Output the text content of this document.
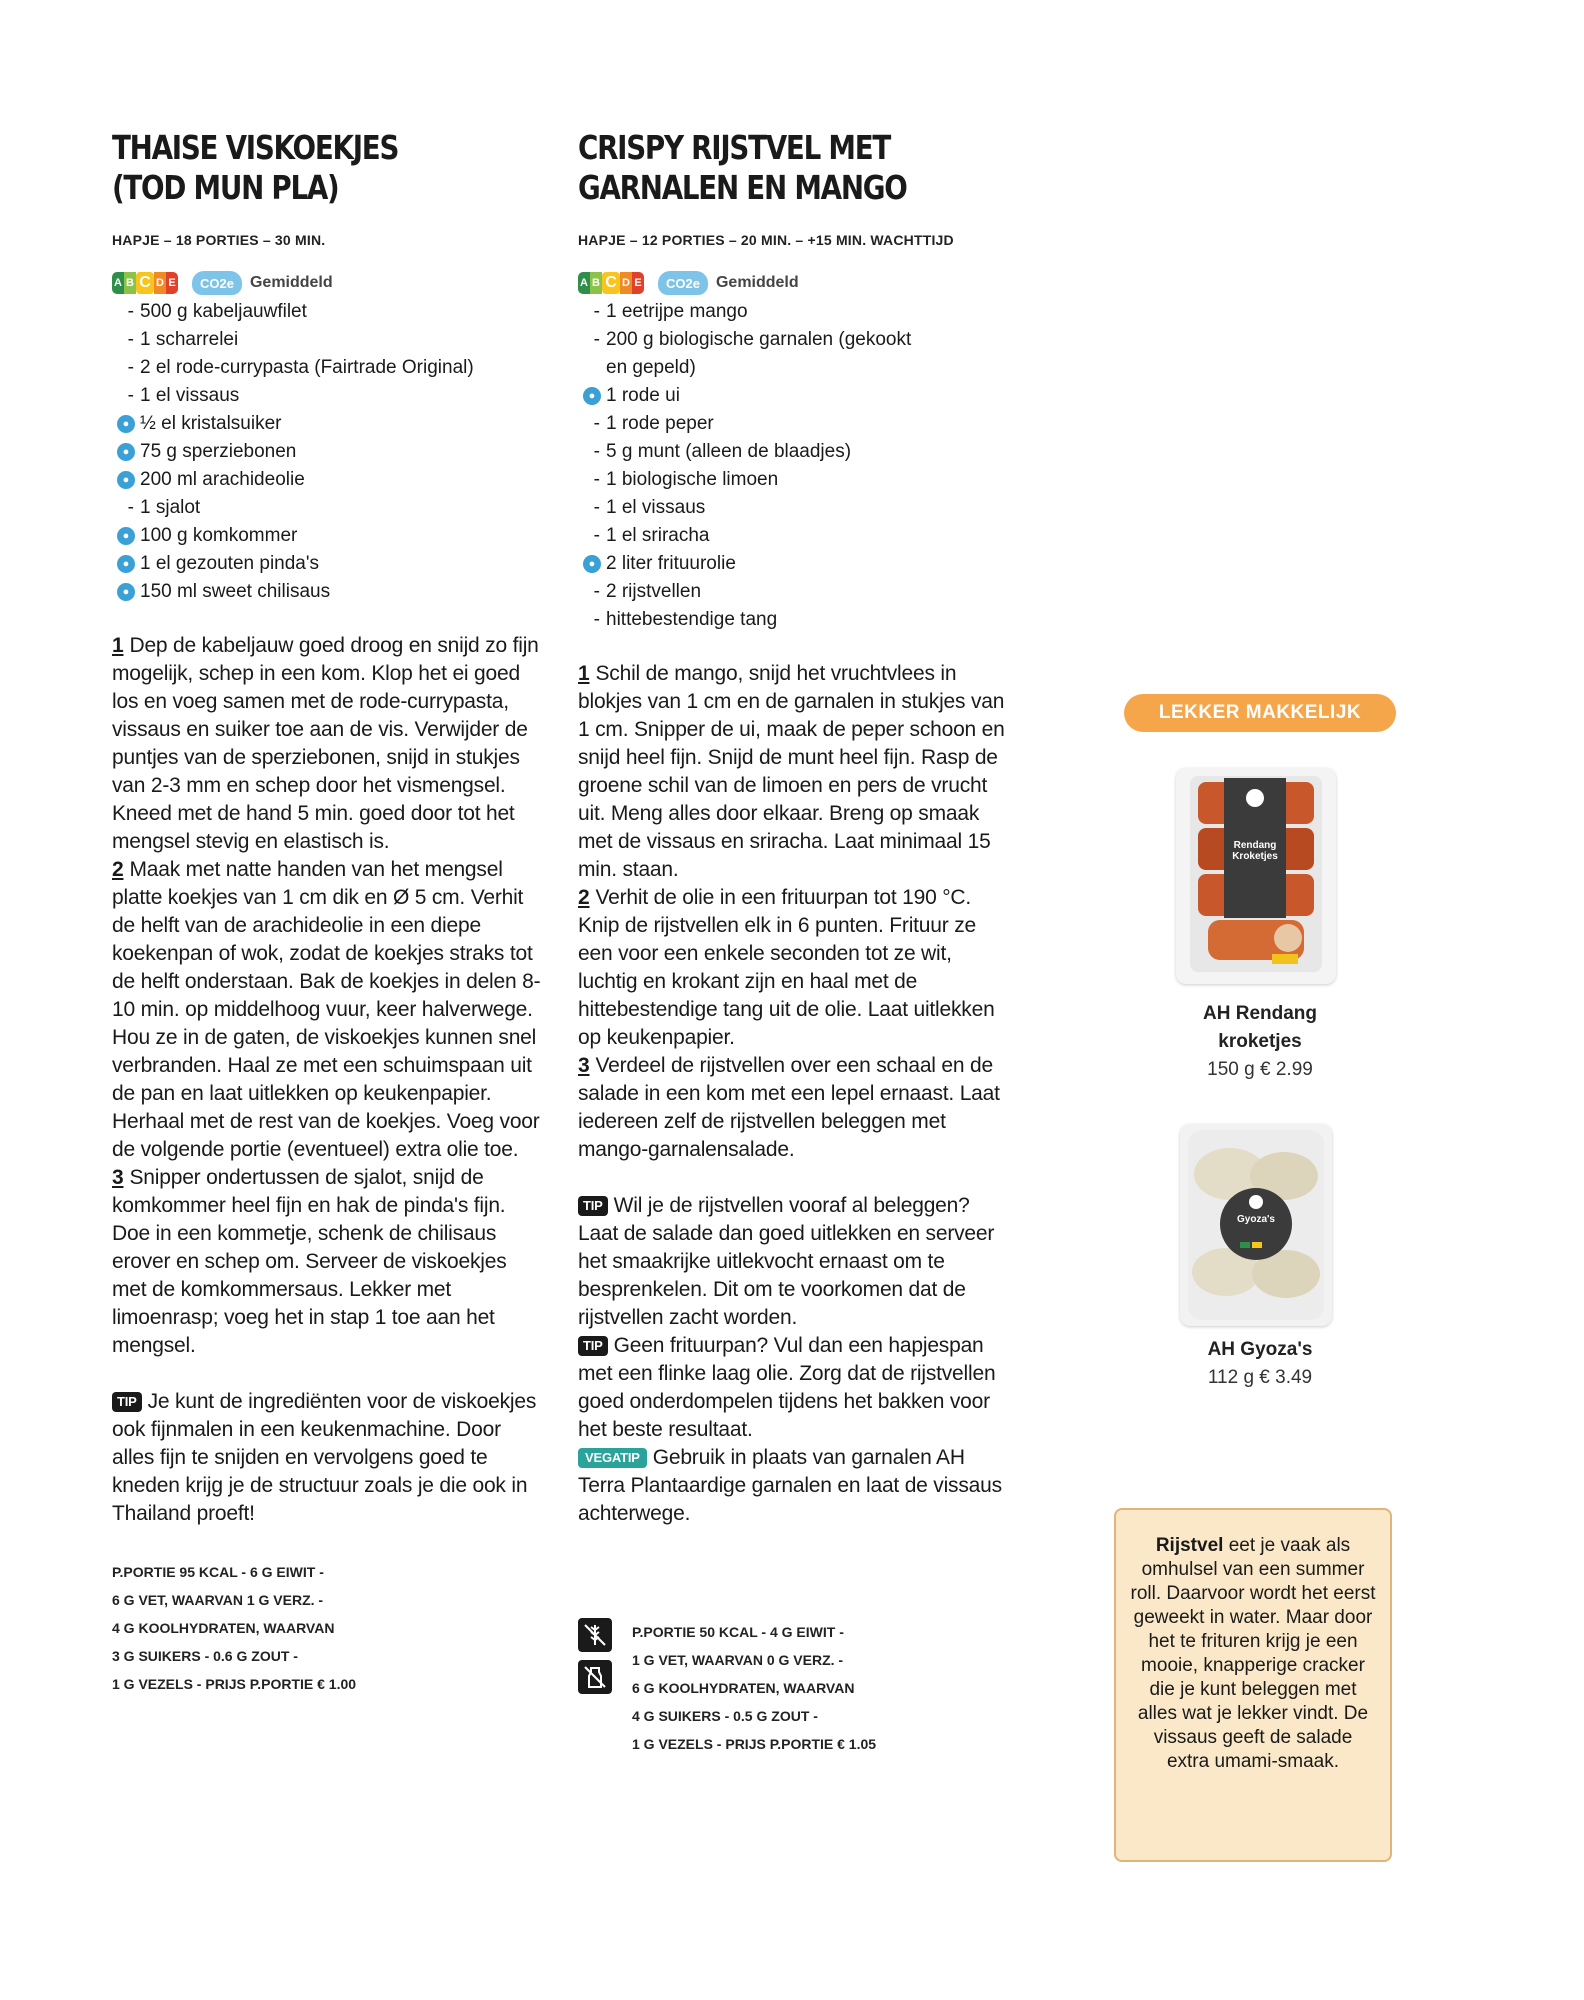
THAISE VISKOEKJES
(TOD MUN PLA)
HAPJE – 18 PORTIES – 30 MIN.
A B C D E	CO2e	Gemiddeld
- 500 g kabeljauwfilet
- 1 scharrelei
- 2 el rode-currypasta (Fairtrade Original)
- 1 el vissaus
● ½ el kristalsuiker
● 75 g sperziebonen
● 200 ml arachideolie
- 1 sjalot
● 100 g komkommer
● 1 el gezouten pinda's
● 150 ml sweet chilisaus

1 Dep de kabeljauw goed droog en snijd zo fijn mogelijk, schep in een kom. Klop het ei goed los en voeg samen met de rode-currypasta, vissaus en suiker toe aan de vis. Verwijder de puntjes van de sperziebonen, snijd in stukjes van 2-3 mm en schep door het vismengsel. Kneed met de hand 5 min. goed door tot het mengsel stevig en elastisch is.

2 Maak met natte handen van het mengsel platte koekjes van 1 cm dik en Ø 5 cm. Verhit de helft van de arachideolie in een diepe koekenpan of wok, zodat de koekjes straks tot de helft onderstaan. Bak de koekjes in delen 8-10 min. op middelhoog vuur, keer halverwege. Hou ze in de gaten, de viskoekjes kunnen snel verbranden. Haal ze met een schuimspaan uit de pan en laat uitlekken op keukenpapier. Herhaal met de rest van de koekjes. Voeg voor de volgende portie (eventueel) extra olie toe.

3 Snipper ondertussen de sjalot, snijd de komkommer heel fijn en hak de pinda's fijn. Doe in een kommetje, schenk de chilisaus erover en schep om. Serveer de viskoekjes met de komkommersaus. Lekker met limoenrasp; voeg het in stap 1 toe aan het mengsel.

TIP Je kunt de ingrediënten voor de viskoekjes ook fijnmalen in een keukenmachine. Door alles fijn te snijden en vervolgens goed te kneden krijg je de structuur zoals je die ook in Thailand proeft!

P.PORTIE 95 KCAL - 6 G EIWIT -
6 G VET, WAARVAN 1 G VERZ. -
4 G KOOLHYDRATEN, WAARVAN
3 G SUIKERS - 0.6 G ZOUT -
1 G VEZELS - PRIJS P.PORTIE € 1.00
CRISPY RIJSTVEL MET
GARNALEN EN MANGO
HAPJE – 12 PORTIES – 20 MIN. – +15 MIN. WACHTTIJD
A B C D E	CO2e	Gemiddeld
- 1 eetrijpe mango
- 200 g biologische garnalen (gekookt
en gepeld)
● 1 rode ui
- 1 rode peper
- 5 g munt (alleen de blaadjes)
- 1 biologische limoen
- 1 el vissaus
- 1 el sriracha
● 2 liter frituurolie
- 2 rijstvellen
- hittebestendige tang

1 Schil de mango, snijd het vruchtvlees in blokjes van 1 cm en de garnalen in stukjes van 1 cm. Snipper de ui, maak de peper schoon en snijd heel fijn. Snijd de munt heel fijn. Rasp de groene schil van de limoen en pers de vrucht uit. Meng alles door elkaar. Breng op smaak met de vissaus en sriracha. Laat minimaal 15 min. staan.

2 Verhit de olie in een frituurpan tot 190 °C. Knip de rijstvellen elk in 6 punten. Frituur ze een voor een enkele seconden tot ze wit, luchtig en krokant zijn en haal met de hittebestendige tang uit de olie. Laat uitlekken op keukenpapier.

3 Verdeel de rijstvellen over een schaal en de salade in een kom met een lepel ernaast. Laat iedereen zelf de rijstvellen beleggen met mango-garnalensalade.

TIP Wil je de rijstvellen vooraf al beleggen? Laat de salade dan goed uitlekken en serveer het smaakrijke uitlekvocht ernaast om te besprenkelen. Dit om te voorkomen dat de rijstvellen zacht worden.

TIP Geen frituurpan? Vul dan een hapjespan met een flinke laag olie. Zorg dat de rijstvellen goed onderdompelen tijdens het bakken voor het beste resultaat.

VEGATIP Gebruik in plaats van garnalen AH Terra Plantaardige garnalen en laat de vissaus achterwege.

P.PORTIE 50 KCAL - 4 G EIWIT -
1 G VET, WAARVAN 0 G VERZ. -
6 G KOOLHYDRATEN, WAARVAN
4 G SUIKERS - 0.5 G ZOUT -
1 G VEZELS - PRIJS P.PORTIE € 1.05
LEKKER MAKKELIJK
Rendang Kroketjes
AH Rendang
kroketjes
150 g € 2.99
Gyoza's
AH Gyoza's
112 g € 3.49
Rijstvel eet je vaak als omhulsel van een summer roll. Daarvoor wordt het eerst geweekt in water. Maar door het te frituren krijg je een mooie, knapperige cracker die je kunt beleggen met alles wat je lekker vindt. De vissaus geeft de salade extra umami-smaak.
